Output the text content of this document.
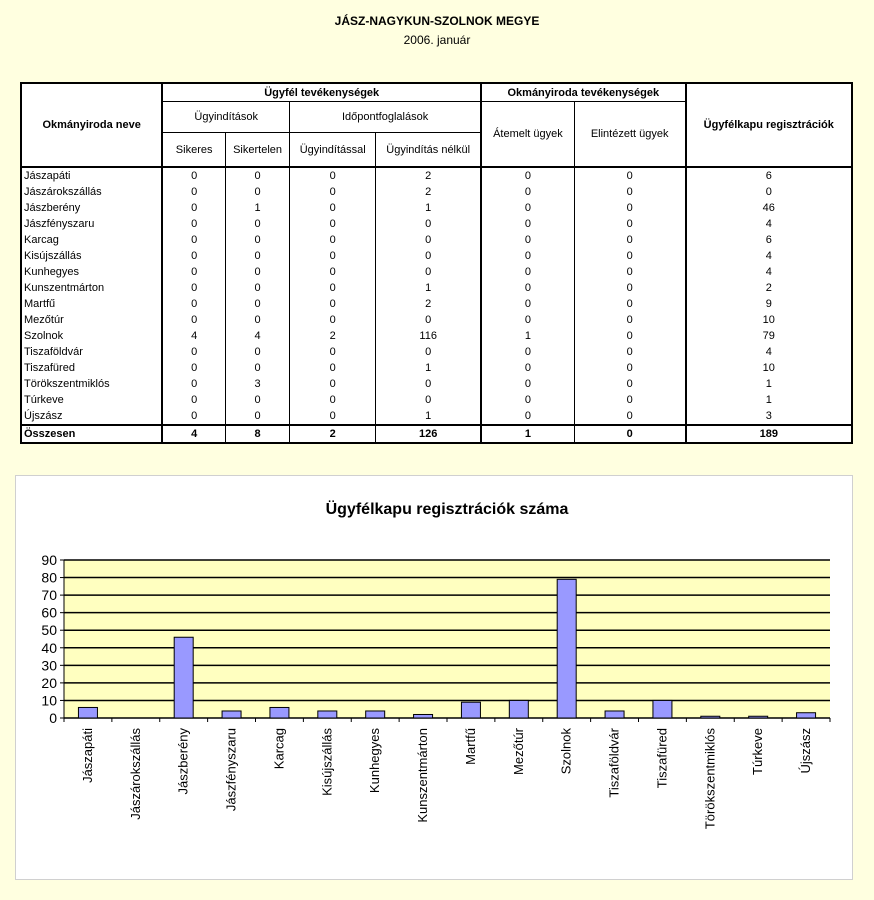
JÁSZ-NAGYKUN-SZOLNOK MEGYE
2006. január
Okmányiroda neve	Ügyfél tevékenységek				Okmányiroda tevékenységek		Ügyfélkapu regisztrációk
	Ügyindítások		Időpontfoglalások		Átemelt ügyek	Elintézett ügyek	
	Sikeres	Sikertelen	Ügyindítással	Ügyindítás nélkül			
Jászapáti	0	0	0	2	0	0	6
Jászárokszállás	0	0	0	2	0	0	0
Jászberény	0	1	0	1	0	0	46
Jászfényszaru	0	0	0	0	0	0	4
Karcag	0	0	0	0	0	0	6
Kisújszállás	0	0	0	0	0	0	4
Kunhegyes	0	0	0	0	0	0	4
Kunszentmárton	0	0	0	1	0	0	2
Martfű	0	0	0	2	0	0	9
Mezőtúr	0	0	0	0	0	0	10
Szolnok	4	4	2	116	1	0	79
Tiszaföldvár	0	0	0	0	0	0	4
Tiszafüred	0	0	0	1	0	0	10
Törökszentmiklós	0	3	0	0	0	0	1
Túrkeve	0	0	0	0	0	0	1
Újszász	0	0	0	1	0	0	3
Összesen	4	8	2	126	1	0	189
Ügyfélkapu regisztrációk száma
0
10
20
30
40
50
60
70
80
90
Jászapáti	Jászárokszállás	Jászberény	Jászfényszaru	Karcag	Kisújszállás	Kunhegyes	Kunszentmárton	Martfű	Mezőtúr	Szolnok	Tiszaföldvár	Tiszafüred	Törökszentmiklós	Túrkeve	Újszász
